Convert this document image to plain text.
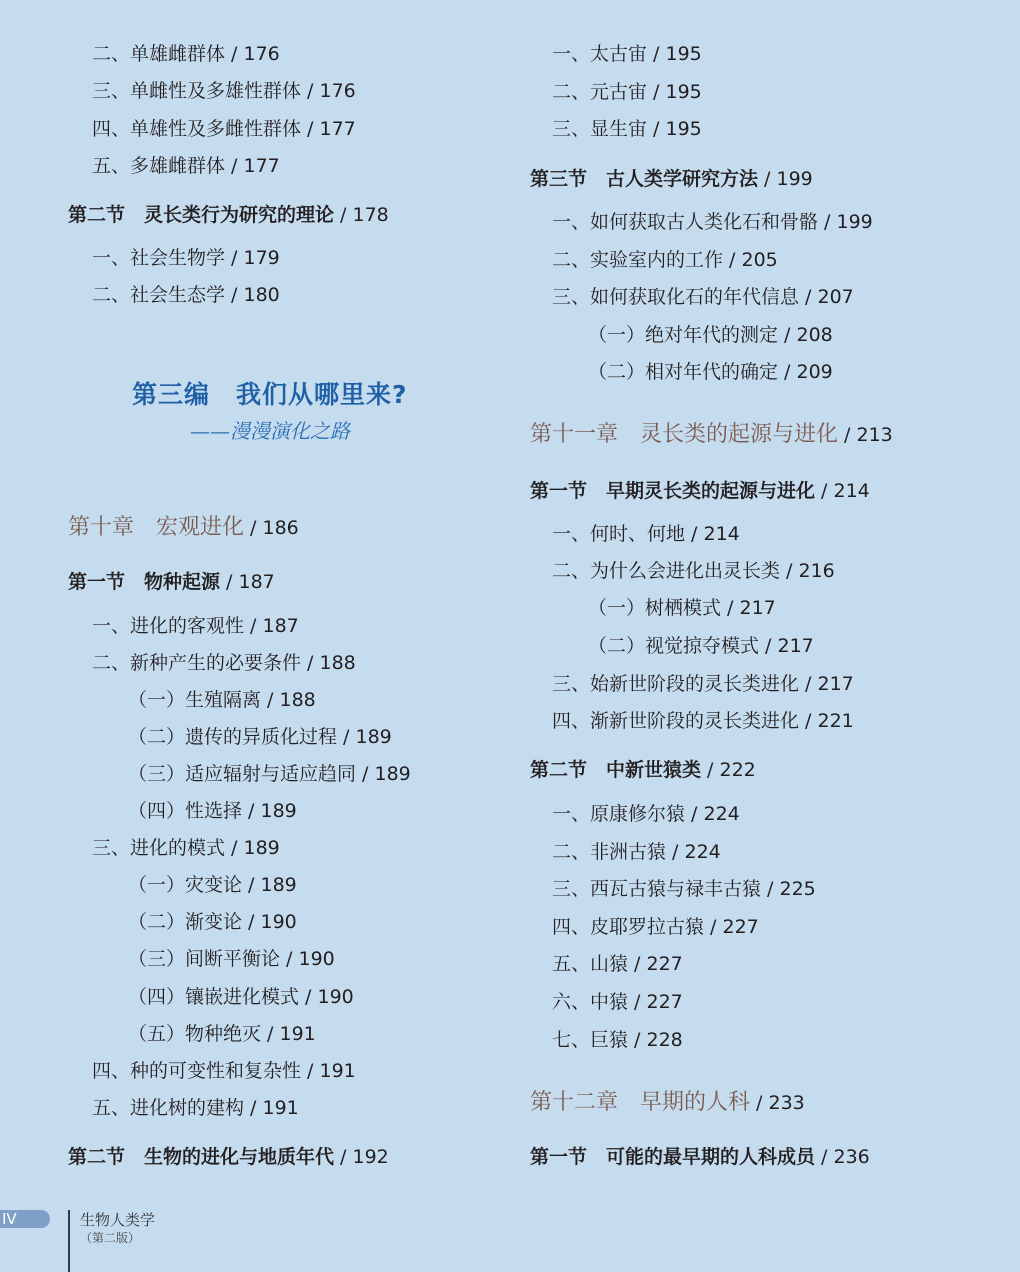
二、单雄雌群体 / 176
三、单雌性及多雄性群体 / 176
四、单雄性及多雌性群体 / 177
五、多雄雌群体 / 177
第二节　灵长类行为研究的理论 / 178
一、社会生物学 / 179
二、社会生态学 / 180
第三编　我们从哪里来?
——漫漫演化之路
第十章　宏观进化 / 186
第一节　物种起源 / 187
一、进化的客观性 / 187
二、新种产生的必要条件 / 188
（一）生殖隔离 / 188
（二）遗传的异质化过程 / 189
（三）适应辐射与适应趋同 / 189
（四）性选择 / 189
三、进化的模式 / 189
（一）灾变论 / 189
（二）渐变论 / 190
（三）间断平衡论 / 190
（四）镶嵌进化模式 / 190
（五）物种绝灭 / 191
四、种的可变性和复杂性 / 191
五、进化树的建构 / 191
第二节　生物的进化与地质年代 / 192
一、太古宙 / 195
二、元古宙 / 195
三、显生宙 / 195
第三节　古人类学研究方法 / 199
一、如何获取古人类化石和骨骼 / 199
二、实验室内的工作 / 205
三、如何获取化石的年代信息 / 207
（一）绝对年代的测定 / 208
（二）相对年代的确定 / 209
第十一章　灵长类的起源与进化 / 213
第一节　早期灵长类的起源与进化 / 214
一、何时、何地 / 214
二、为什么会进化出灵长类 / 216
（一）树栖模式 / 217
（二）视觉掠夺模式 / 217
三、始新世阶段的灵长类进化 / 217
四、渐新世阶段的灵长类进化 / 221
第二节　中新世猿类 / 222
一、原康修尔猿 / 224
二、非洲古猿 / 224
三、西瓦古猿与禄丰古猿 / 225
四、皮耶罗拉古猿 / 227
五、山猿 / 227
六、中猿 / 227
七、巨猿 / 228
第十二章　早期的人科 / 233
第一节　可能的最早期的人科成员 / 236
IV	生物人类学
（第二版）
